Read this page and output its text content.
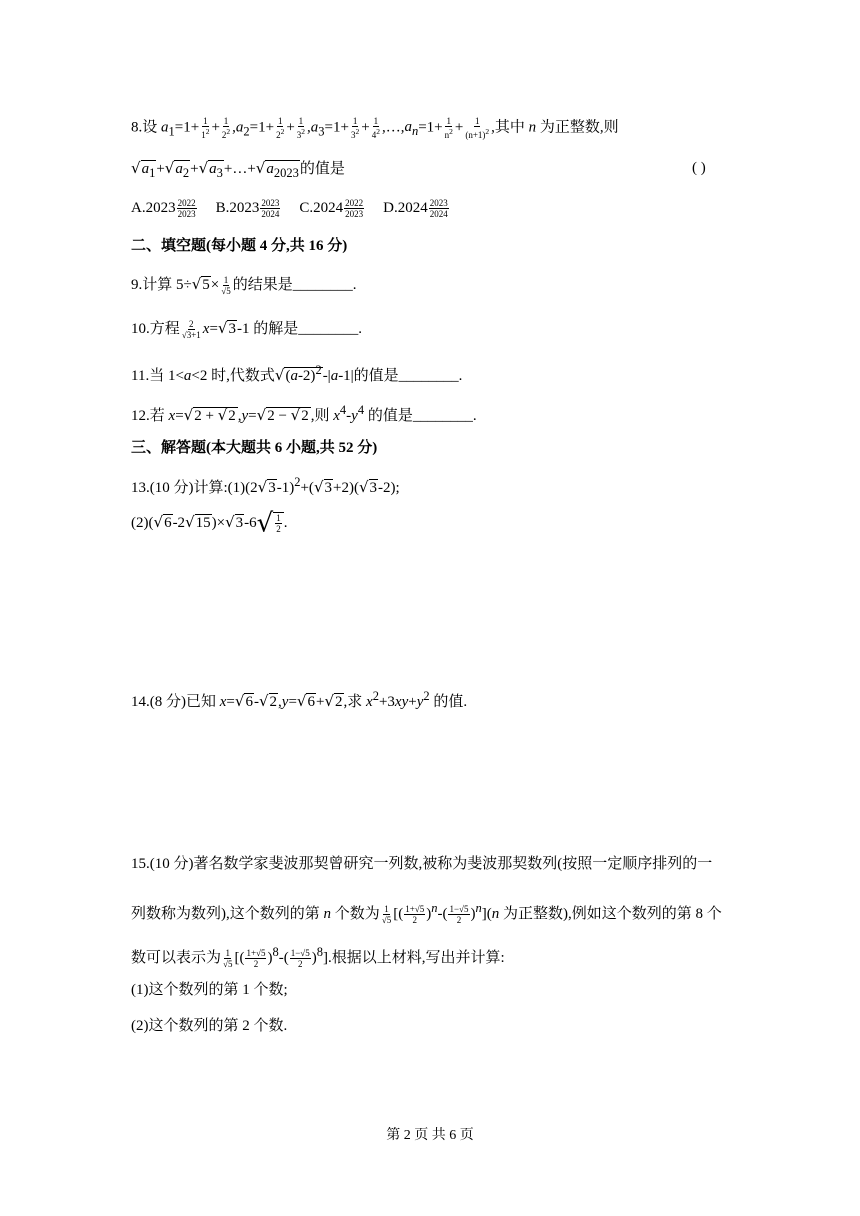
8.设 $a_1=1+ \frac{1}{1^2} + \frac{1}{2^2} ,a_2=1+ \frac{1}{2^2} + \frac{1}{3^2} ,a_3=1+ \frac{1}{3^2} + \frac{1}{4^2}$ $,\dots,a_n=1+ \frac{1}{n^2} + \frac{1}{(n+1)^2}$ ,其中 n 为正整数,则
$√a_1+√a_2+√a_3+\dots+√a_{2023}$的值是	( )
$A.2023 \frac{2022}{2023} B.2023 \frac{2023}{2024} C.2024 \frac{2022}{2023} D.2024 \frac{2023}{2024}$
二、填空题(每小题 4 分,共 16 分)
9.计算 $5\div√5\times \frac{1}{√5}$ 的结果是________.
10.方程 $\frac{2}{√3+1} x=√3-1$ 的解是________.
11.当 1<a<2 时,代数式$√(a-2)^2-|a-1|$的值是________.
12.若 x=√2 + √2 ,y=√2 − √2 ,则 $x^4-y^4$ 的值是________.
三、解答题(本大题共 6 小题,共 52 分)
13.(10 分)计算$:(1)(2√3-1)^2+(√3+2)(√3-2)$;
$(2)(√6-2√15)\times√3-6√ \frac{1}{2}$ .
14.(8 分)已知 x=√6-√2,y=√6+√2,求 $x^2+3xy+y^2$ 的值.
15.(10 分)著名数学家斐波那契曾研究一列数,被称为斐波那契数列(按照一定顺序排列的一
列数称为数列),这个数列的第 n 个数为 $\frac{1}{√5}$ [( $\frac{1+√5}{2} )^n-( \frac{1-√5}{2} )^n](n$ 为正整数),例如这个数列的第 8 个
数可以表示为 $\frac{1}{√5}$ [( $\frac{1+√5}{2} )^8-( \frac{1-√5}{2} )^8$].根据以上材料,写出并计算:
(1)这个数列的第 1 个数;
(2)这个数列的第 2 个数.
第 2 页 共 6 页
